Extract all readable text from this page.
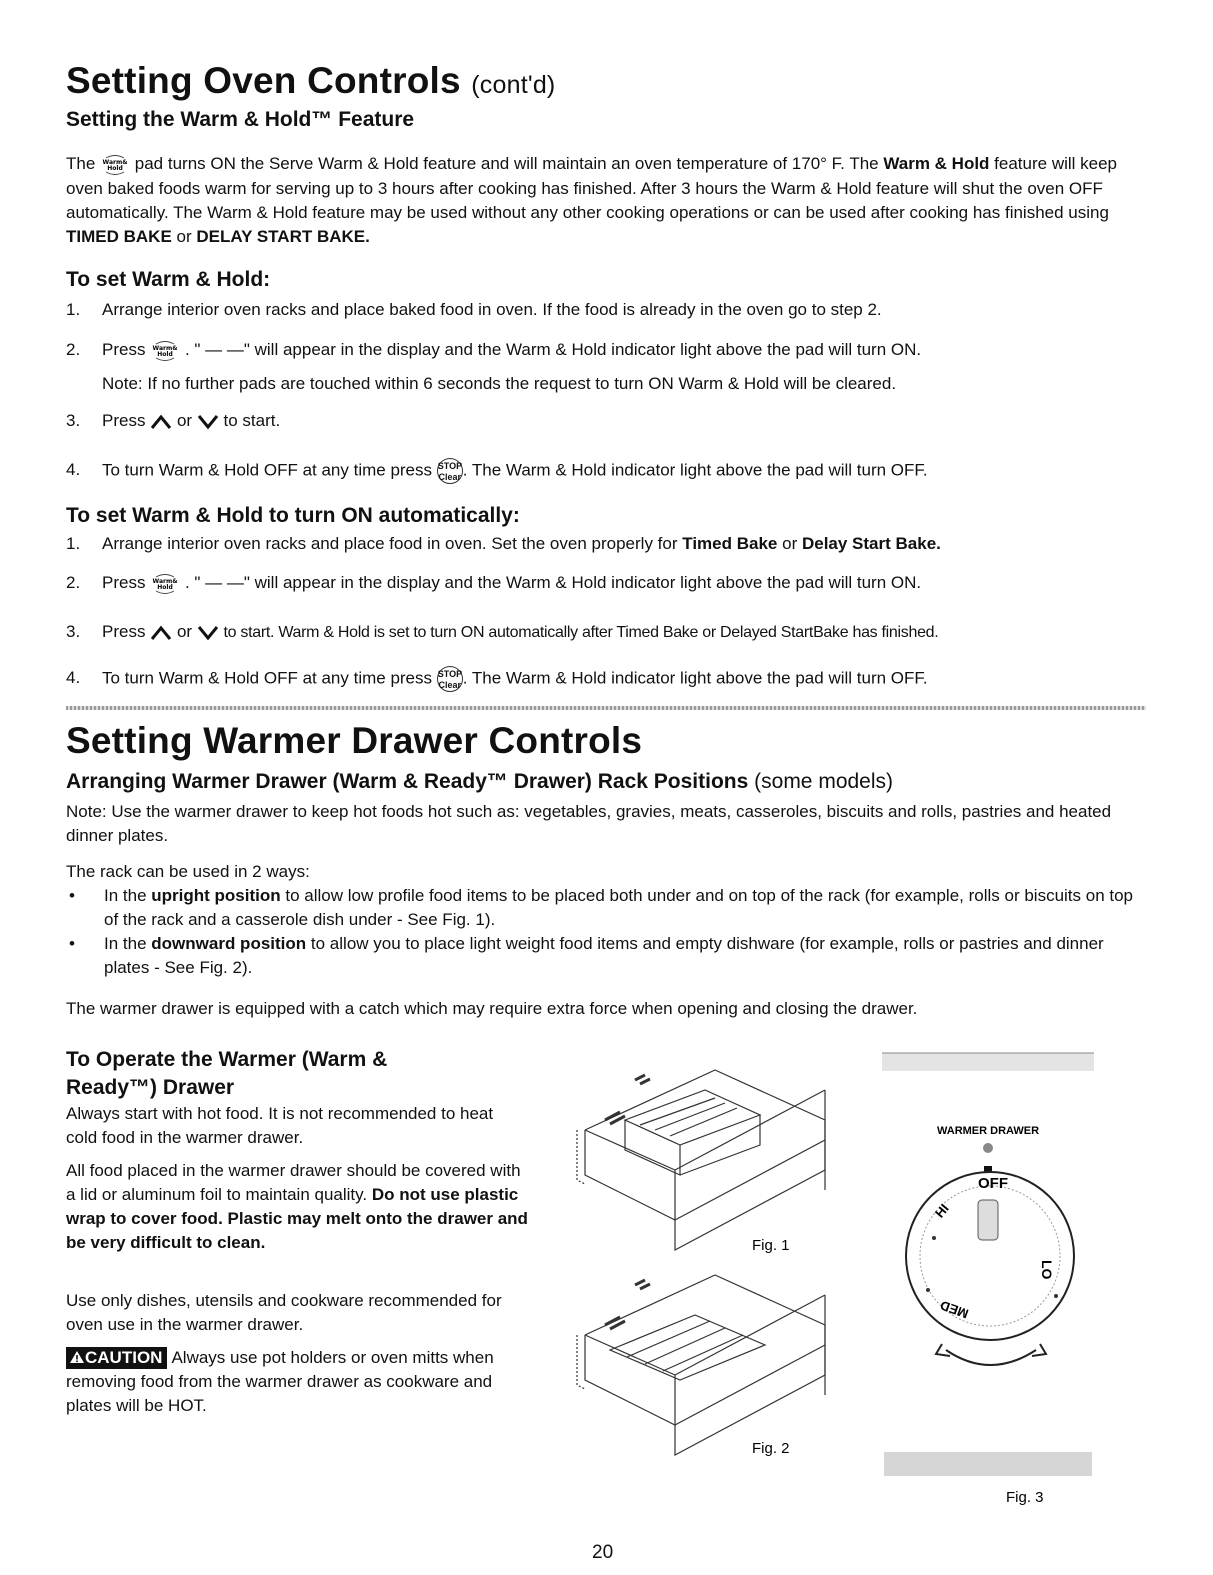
Setting Oven Controls (cont'd)
Setting the Warm & Hold™ Feature

The Warm&
Hold pad turns ON the Serve Warm & Hold feature and will maintain an oven temperature of 170° F. The Warm & Hold feature will keep oven baked foods warm for serving up to 3 hours after cooking has finished. After 3 hours the Warm & Hold feature will shut the oven OFF automatically. The Warm & Hold feature may be used without any other cooking operations or can be used after cooking has finished using TIMED BAKE or DELAY START BAKE.

To set Warm & Hold:

1. Arrange interior oven racks and place baked food in oven. If the food is already in the oven go to step 2.

2. Press Warm&
Hold . " — —" will appear in the display and the Warm & Hold indicator light above the pad will turn ON.

Note: If no further pads are touched within 6 seconds the request to turn ON Warm & Hold will be cleared.

3. Press or to start.

4. To turn Warm & Hold OFF at any time press STOP
Clear . The Warm & Hold indicator light above the pad will turn OFF.

To set Warm & Hold to turn ON automatically:

1. Arrange interior oven racks and place food in oven. Set the oven properly for Timed Bake or Delay Start Bake.

2. Press Warm&
Hold . " — —" will appear in the display and the Warm & Hold indicator light above the pad will turn ON.

3. Press or to start. Warm & Hold is set to turn ON automatically after Timed Bake or Delayed StartBake has finished.

4. To turn Warm & Hold OFF at any time press STOP
Clear . The Warm & Hold indicator light above the pad will turn OFF.

Setting Warmer Drawer Controls
Arranging Warmer Drawer (Warm & Ready™ Drawer) Rack Positions (some models)

Note: Use the warmer drawer to keep hot foods hot such as: vegetables, gravies, meats, casseroles, biscuits and rolls, pastries and heated dinner plates.

The rack can be used in 2 ways:

• In the upright position to allow low profile food items to be placed both under and on top of the rack (for example, rolls or biscuits on top of the rack and a casserole dish under - See Fig. 1).
• In the downward position to allow you to place light weight food items and empty dishware (for example, rolls or pastries and dinner plates - See Fig. 2).

The warmer drawer is equipped with a catch which may require extra force when opening and closing the drawer.

To Operate the Warmer (Warm &
Ready™) Drawer

Always start with hot food. It is not recommended to heat cold food in the warmer drawer.

All food placed in the warmer drawer should be covered with a lid or aluminum foil to maintain quality. Do not use plastic wrap to cover food. Plastic may melt onto the drawer and be very difficult to clean.

Use only dishes, utensils and cookware recommended for oven use in the warmer drawer.

CAUTION Always use pot holders or oven mitts when removing food from the warmer drawer as cookware and plates will be HOT.

Fig. 1
Fig. 2
WARMER DRAWER
OFF
LO
MED
HI
Fig. 3
20
